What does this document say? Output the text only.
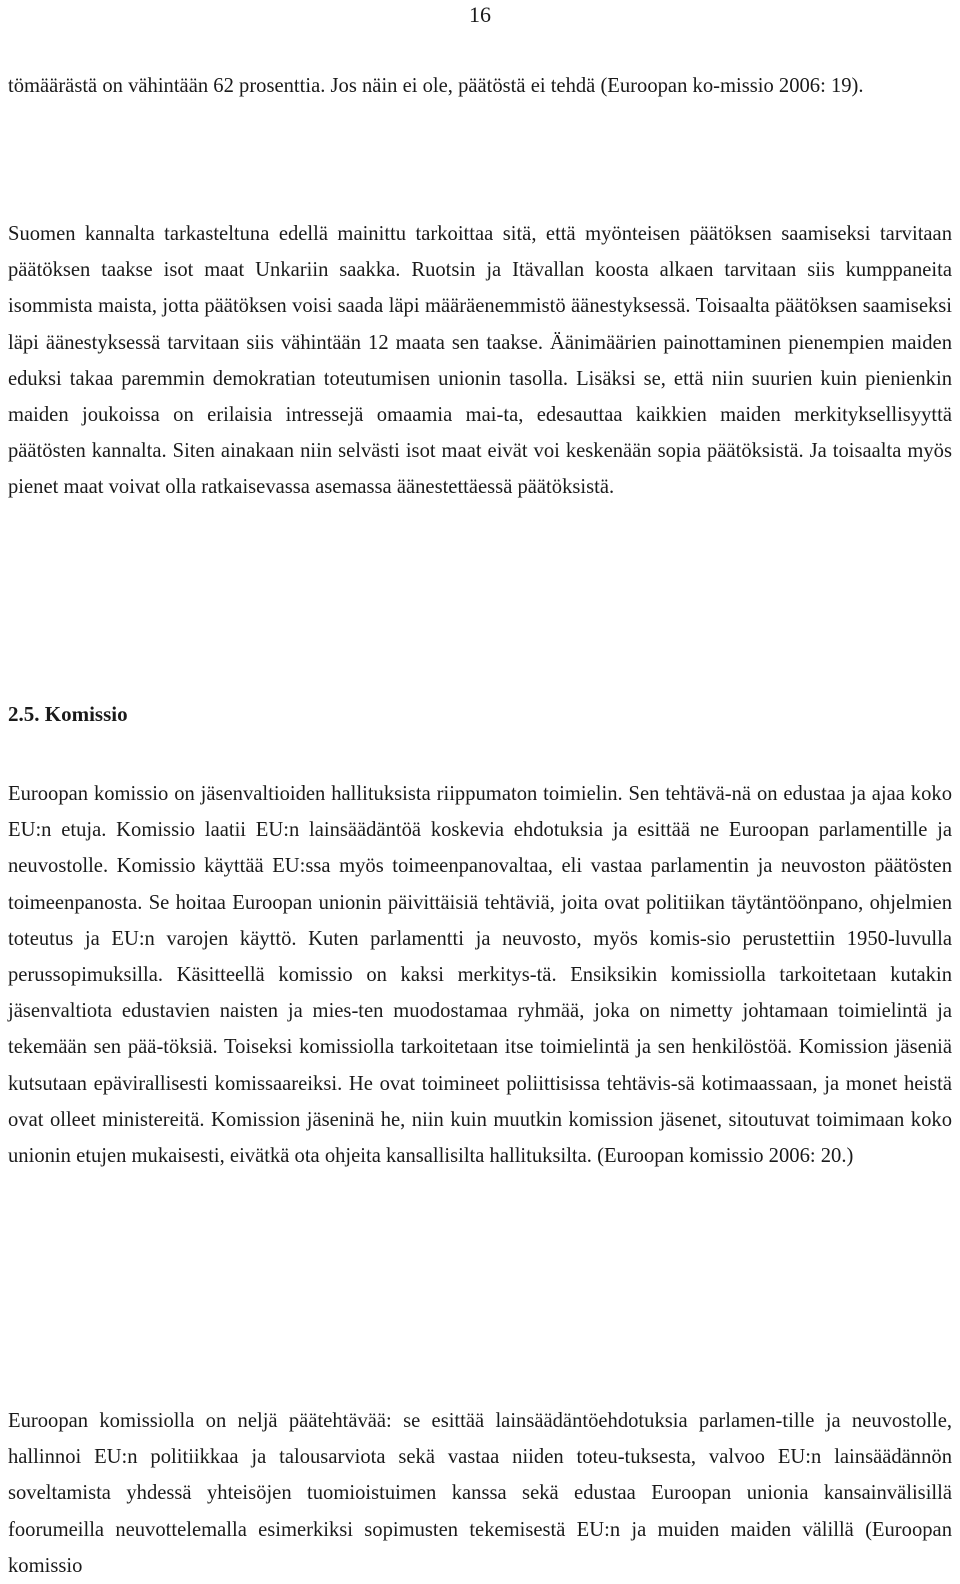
16

tömäärästä on vähintään 62 prosenttia. Jos näin ei ole, päätöstä ei tehdä (Euroopan ko-missio 2006: 19).

Suomen kannalta tarkasteltuna edellä mainittu tarkoittaa sitä, että myönteisen päätöksen saamiseksi tarvitaan päätöksen taakse isot maat Unkariin saakka. Ruotsin ja Itävallan koosta alkaen tarvitaan siis kumppaneita isommista maista, jotta päätöksen voisi saada läpi määräenemmistö äänestyksessä. Toisaalta päätöksen saamiseksi läpi äänestyksessä tarvitaan siis vähintään 12 maata sen taakse. Äänimäärien painottaminen pienempien maiden eduksi takaa paremmin demokratian toteutumisen unionin tasolla. Lisäksi se, että niin suurien kuin pienienkin maiden joukoissa on erilaisia intressejä omaamia mai-ta, edesauttaa kaikkien maiden merkityksellisyyttä päätösten kannalta. Siten ainakaan niin selvästi isot maat eivät voi keskenään sopia päätöksistä. Ja toisaalta myös pienet maat voivat olla ratkaisevassa asemassa äänestettäessä päätöksistä.

2.5. Komissio

Euroopan komissio on jäsenvaltioiden hallituksista riippumaton toimielin. Sen tehtävä-nä on edustaa ja ajaa koko EU:n etuja. Komissio laatii EU:n lainsäädäntöä koskevia ehdotuksia ja esittää ne Euroopan parlamentille ja neuvostolle. Komissio käyttää EU:ssa myös toimeenpanovaltaa, eli vastaa parlamentin ja neuvoston päätösten toimeenpanosta. Se hoitaa Euroopan unionin päivittäisiä tehtäviä, joita ovat politiikan täytäntöönpano, ohjelmien toteutus ja EU:n varojen käyttö. Kuten parlamentti ja neuvosto, myös komis-sio perustettiin 1950-luvulla perussopimuksilla. Käsitteellä komissio on kaksi merkitys-tä. Ensiksikin komissiolla tarkoitetaan kutakin jäsenvaltiota edustavien naisten ja mies-ten muodostamaa ryhmää, joka on nimetty johtamaan toimielintä ja tekemään sen pää-töksiä. Toiseksi komissiolla tarkoitetaan itse toimielintä ja sen henkilöstöä. Komission jäseniä kutsutaan epävirallisesti komissaareiksi. He ovat toimineet poliittisissa tehtävis-sä kotimaassaan, ja monet heistä ovat olleet ministereitä. Komission jäseninä he, niin kuin muutkin komission jäsenet, sitoutuvat toimimaan koko unionin etujen mukaisesti, eivätkä ota ohjeita kansallisilta hallituksilta. (Euroopan komissio 2006: 20.)

Euroopan komissiolla on neljä päätehtävää: se esittää lainsäädäntöehdotuksia parlamen-tille ja neuvostolle, hallinnoi EU:n politiikkaa ja talousarviota sekä vastaa niiden toteu-tuksesta, valvoo EU:n lainsäädännön soveltamista yhdessä yhteisöjen tuomioistuimen kanssa sekä edustaa Euroopan unionia kansainvälisillä foorumeilla neuvottelemalla esimerkiksi sopimusten tekemisestä EU:n ja muiden maiden välillä (Euroopan komissio
